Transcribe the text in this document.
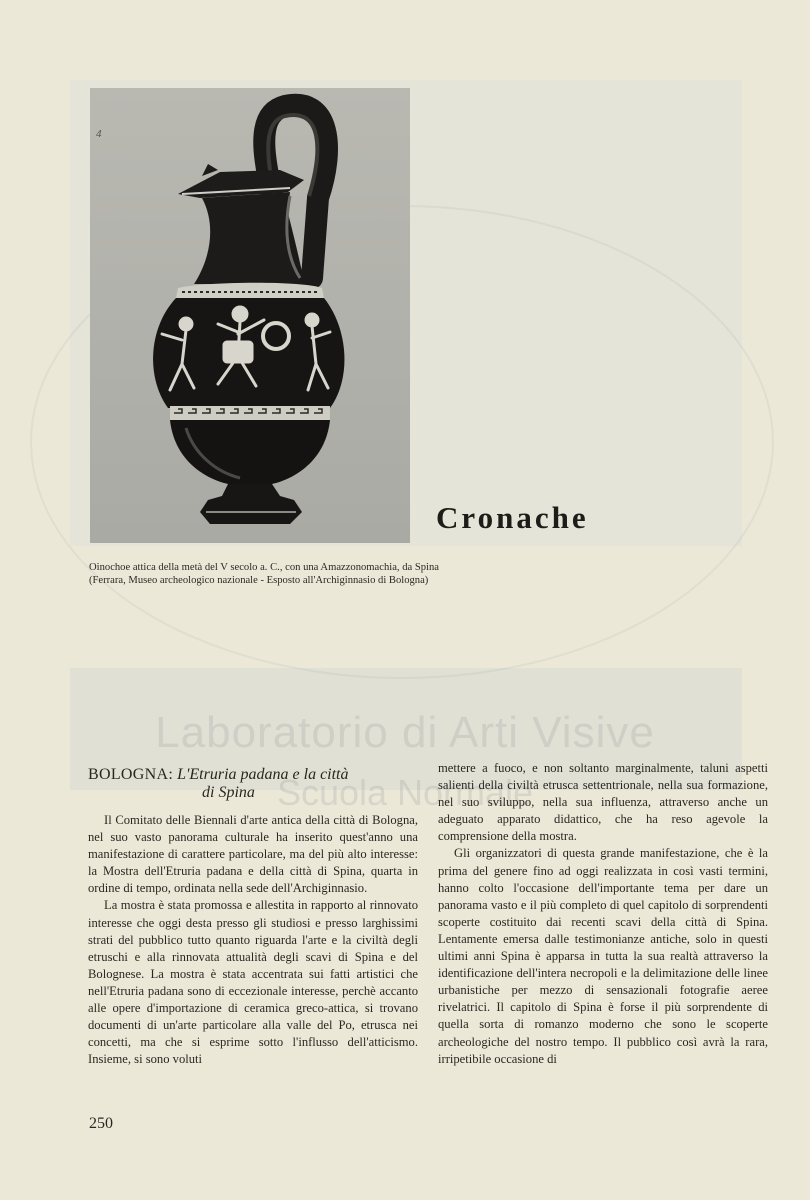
Laboratorio di Arti Visive
Scuola Normale
4
Oinochoe attica della metà del V secolo a. C., con una Amazzonomachia, da Spina (Ferrara, Museo archeologico nazionale - Esposto all'Archiginnasio di Bologna)
Cronache
BOLOGNA: L'Etruria padana e la città
di Spina

Il Comitato delle Biennali d'arte antica della città di Bologna, nel suo vasto panorama culturale ha inserito quest'anno una manifestazione di carattere particolare, ma del più alto interesse: la Mostra dell'Etruria padana e della città di Spina, quarta in ordine di tempo, ordinata nella sede dell'Archiginnasio.

La mostra è stata promossa e allestita in rapporto al rinnovato interesse che oggi desta presso gli studiosi e presso larghissimi strati del pubblico tutto quanto riguarda l'arte e la civiltà degli etruschi e alla rinnovata attualità degli scavi di Spina e del Bolognese. La mostra è stata accentrata sui fatti artistici che nell'Etruria padana sono di eccezionale interesse, perchè accanto alle opere d'importazione di ceramica greco-attica, si trovano documenti di un'arte particolare alla valle del Po, etrusca nei concetti, ma che si esprime sotto l'influsso dell'atticismo. Insieme, si sono voluti

mettere a fuoco, e non soltanto marginalmente, taluni aspetti salienti della civiltà etrusca settentrionale, nella sua formazione, nel suo sviluppo, nella sua influenza, attraverso anche un adeguato apparato didattico, che ha reso agevole la comprensione della mostra.

Gli organizzatori di questa grande manifestazione, che è la prima del genere fino ad oggi realizzata in così vasti termini, hanno colto l'occasione dell'importante tema per dare un panorama vasto e il più completo di quel capitolo di sorprendenti scoperte costituito dai recenti scavi della città di Spina. Lentamente emersa dalle testimonianze antiche, solo in questi ultimi anni Spina è apparsa in tutta la sua realtà attraverso la identificazione dell'intera necropoli e la delimitazione delle linee urbanistiche per mezzo di sensazionali fotografie aeree rivelatrici. Il capitolo di Spina è forse il più sorprendente di quella sorta di romanzo moderno che sono le scoperte archeologiche del nostro tempo. Il pubblico così avrà la rara, irripetibile occasione di

250
